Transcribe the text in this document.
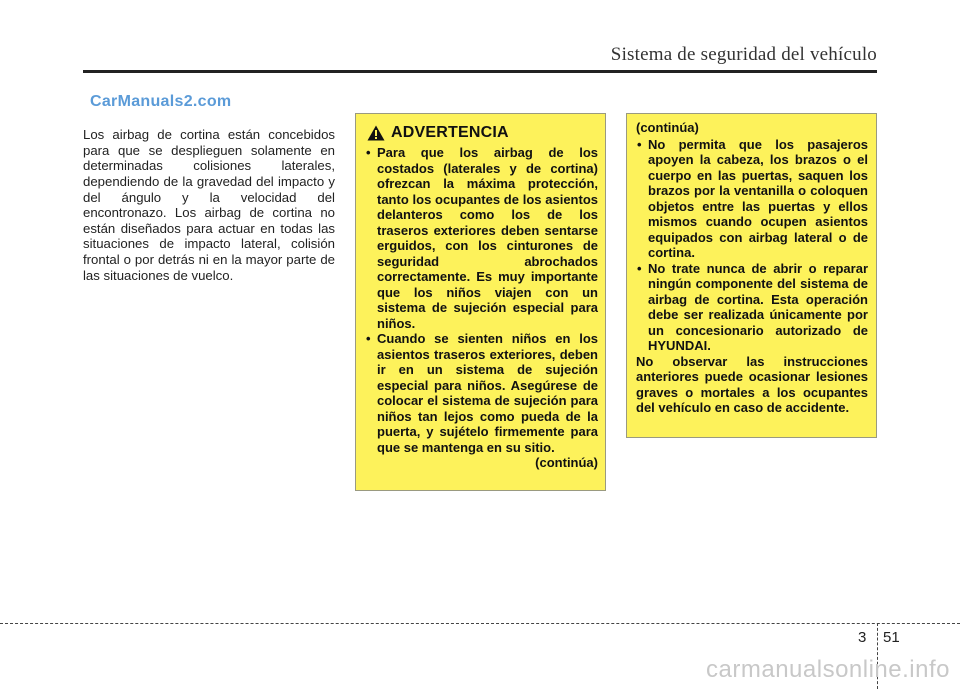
Sistema de seguridad del vehículo
CarManuals2.com

Los airbag de cortina están concebidos para que se desplieguen solamente en determinadas colisiones laterales, dependiendo de la gravedad del impacto y del ángulo y la velocidad del encontronazo. Los airbag de cortina no están diseñados para actuar en todas las situaciones de impacto lateral, colisión frontal o por detrás ni en la mayor parte de las situaciones de vuelco.

ADVERTENCIA
• Para que los airbag de los costados (laterales y de cortina) ofrezcan la máxima protección, tanto los ocupantes de los asientos delanteros como los de los traseros exteriores deben sentarse erguidos, con los cinturones de seguridad abrochados correctamente. Es muy importante que los niños viajen con un sistema de sujeción especial para niños.
• Cuando se sienten niños en los asientos traseros exteriores, deben ir en un sistema de sujeción especial para niños. Asegúrese de colocar el sistema de sujeción para niños tan lejos como pueda de la puerta, y sujételo firmemente para que se mantenga en su sitio.
(continúa)
(continúa)
• No permita que los pasajeros apoyen la cabeza, los brazos o el cuerpo en las puertas, saquen los brazos por la ventanilla o coloquen objetos entre las puertas y ellos mismos cuando ocupen asientos equipados con airbag lateral o de cortina.
• No trate nunca de abrir o reparar ningún componente del sistema de airbag de cortina. Esta operación debe ser realizada únicamente por un concesionario autorizado de HYUNDAI.
No observar las instrucciones anteriores puede ocasionar lesiones graves o mortales a los ocupantes del vehículo en caso de accidente.
3 51
carmanualsonline.info
